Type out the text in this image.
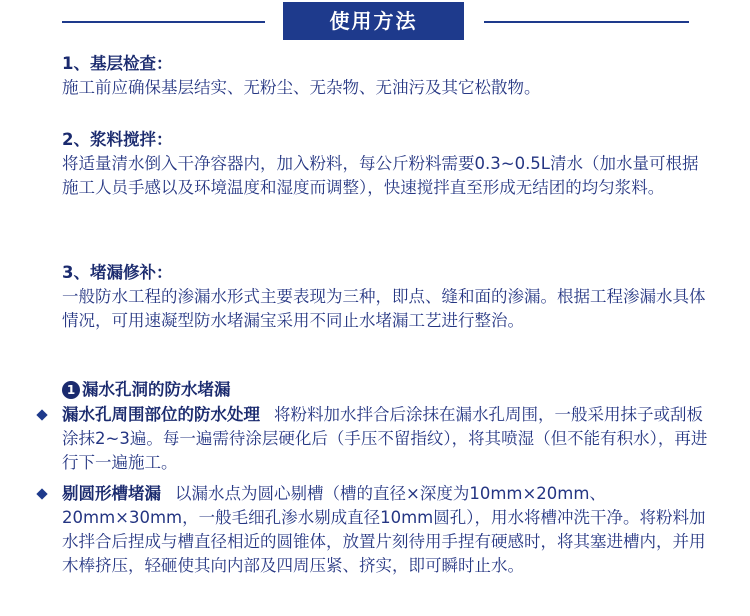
使用方法
1、基层检查：
施工前应确保基层结实、无粉尘、无杂物、无油污及其它松散物。
2、浆料搅拌：
将适量清水倒入干净容器内，加入粉料，每公斤粉料需要0.3~0.5L清水（加水量可根据施工人员手感以及环境温度和湿度而调整），快速搅拌直至形成无结团的均匀浆料。
3、堵漏修补：
一般防水工程的渗漏水形式主要表现为三种，即点、缝和面的渗漏。根据工程渗漏水具体情况，可用速凝型防水堵漏宝采用不同止水堵漏工艺进行整治。
1 漏水孔洞的防水堵漏
漏水孔周围部位的防水处理 将粉料加水拌合后涂抹在漏水孔周围，一般采用抹子或刮板涂抹2~3遍。每一遍需待涂层硬化后（手压不留指纹），将其喷湿（但不能有积水），再进行下一遍施工。
剔圆形槽堵漏 以漏水点为圆心剔槽（槽的直径×深度为10mm×20mm、20mm×30mm，一般毛细孔渗水剔成直径10mm圆孔），用水将槽冲洗干净。将粉料加水拌合后捏成与槽直径相近的圆锥体，放置片刻待用手捏有硬感时，将其塞进槽内，并用木棒挤压，轻砸使其向内部及四周压紧、挤实，即可瞬时止水。
